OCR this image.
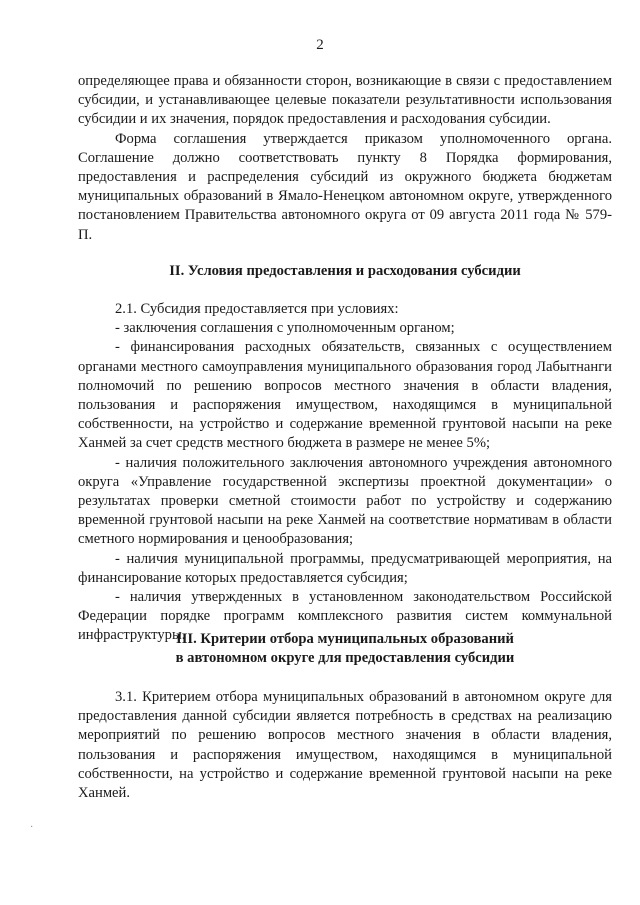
2

определяющее права и обязанности сторон, возникающие в связи с предоставлением субсидии, и устанавливающее целевые показатели результативности использования субсидии и их значения, порядок предоставления и расходования субсидии.

Форма соглашения утверждается приказом уполномоченного органа. Соглашение должно соответствовать пункту 8 Порядка формирования, предоставления и распределения субсидий из окружного бюджета бюджетам муниципальных образований в Ямало-Ненецком автономном округе, утвержденного постановлением Правительства автономного округа от 09 августа 2011 года № 579-П.

II. Условия предоставления и расходования субсидии

2.1. Субсидия предоставляется при условиях:

- заключения соглашения с уполномоченным органом;

- финансирования расходных обязательств, связанных с осуществлением органами местного самоуправления муниципального образования город Лабытнанги полномочий по решению вопросов местного значения в области владения, пользования и распоряжения имуществом, находящимся в муниципальной собственности, на устройство и содержание временной грунтовой насыпи на реке Ханмей за счет средств местного бюджета в размере не менее 5%;

- наличия положительного заключения автономного учреждения автономного округа «Управление государственной экспертизы проектной документации» о результатах проверки сметной стоимости работ по устройству и содержанию временной грунтовой насыпи на реке Ханмей на соответствие нормативам в области сметного нормирования и ценообразования;

- наличия муниципальной программы, предусматривающей мероприятия, на финансирование которых предоставляется субсидия;

- наличия утвержденных в установленном законодательством Российской Федерации порядке программ комплексного развития систем коммунальной инфраструктуры.

III. Критерии отбора муниципальных образований
в автономном округе для предоставления субсидии

3.1. Критерием отбора муниципальных образований в автономном округе для предоставления данной субсидии является потребность в средствах на реализацию мероприятий по решению вопросов местного значения в области владения, пользования и распоряжения имуществом, находящимся в муниципальной собственности, на устройство и содержание временной грунтовой насыпи на реке Ханмей.

·
